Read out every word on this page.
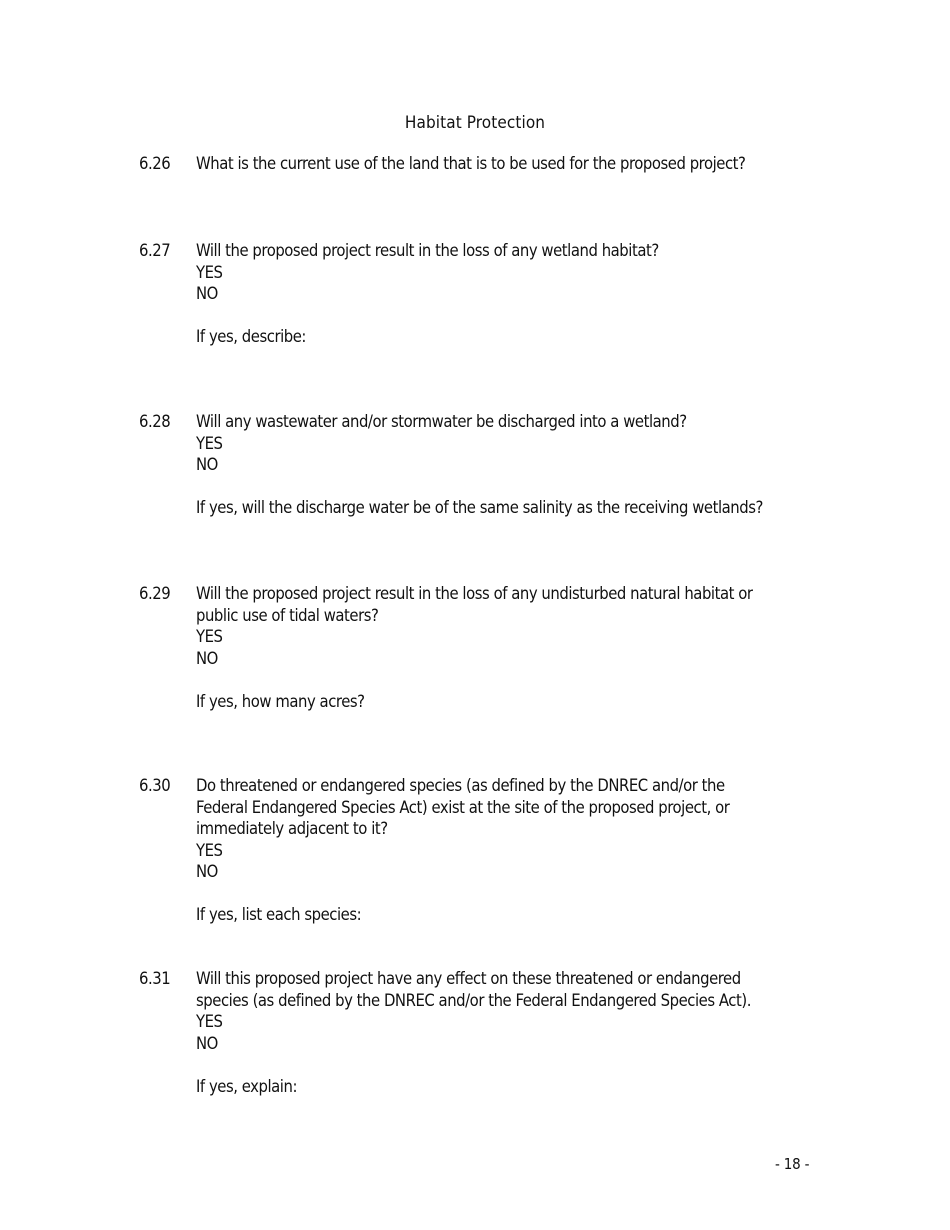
Habitat Protection
6.26	What is the current use of the land that is to be used for the proposed project?
6.27	Will the proposed project result in the loss of any wetland habitat?
YES
NO
If yes, describe:
6.28	Will any wastewater and/or stormwater be discharged into a wetland?
YES
NO
If yes, will the discharge water be of the same salinity as the receiving wetlands?
6.29	Will the proposed project result in the loss of any undisturbed natural habitat or
public use of tidal waters?
YES
NO
If yes, how many acres?
6.30	Do threatened or endangered species (as defined by the DNREC and/or the
Federal Endangered Species Act) exist at the site of the proposed project, or
immediately adjacent to it?
YES
NO
If yes, list each species:
6.31	Will this proposed project have any effect on these threatened or endangered
species (as defined by the DNREC and/or the Federal Endangered Species Act).
YES
NO
If yes, explain:
- 18 -
